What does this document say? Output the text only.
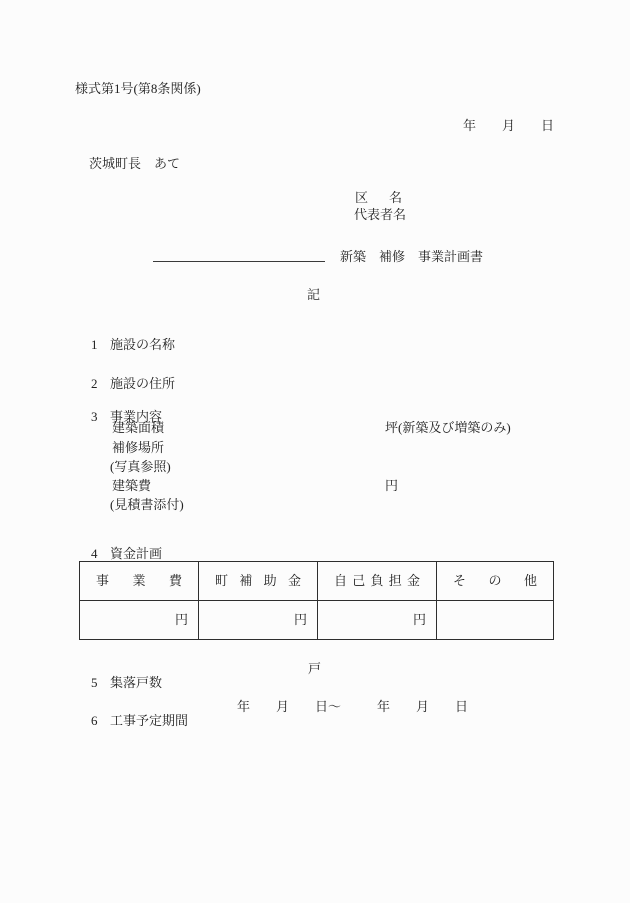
様式第1号(第8条関係)
年　　月　　日
茨城町長　あて
区 名
代表者名
新築　補修　事業計画書
記

1 施設の名称

2 施設の住所

3 事業内容

建築面積	坪(新築及び増築のみ)
補修場所
(写真参照)
建築費	円
(見積書添付)

4 資金計画

事 業 費	町 補 助 金	自 己 負 担 金	そ の 他
円	円	円

5 集落戸数

戸

6 工事予定期間

年　　月　　日～	年　　月　　日
